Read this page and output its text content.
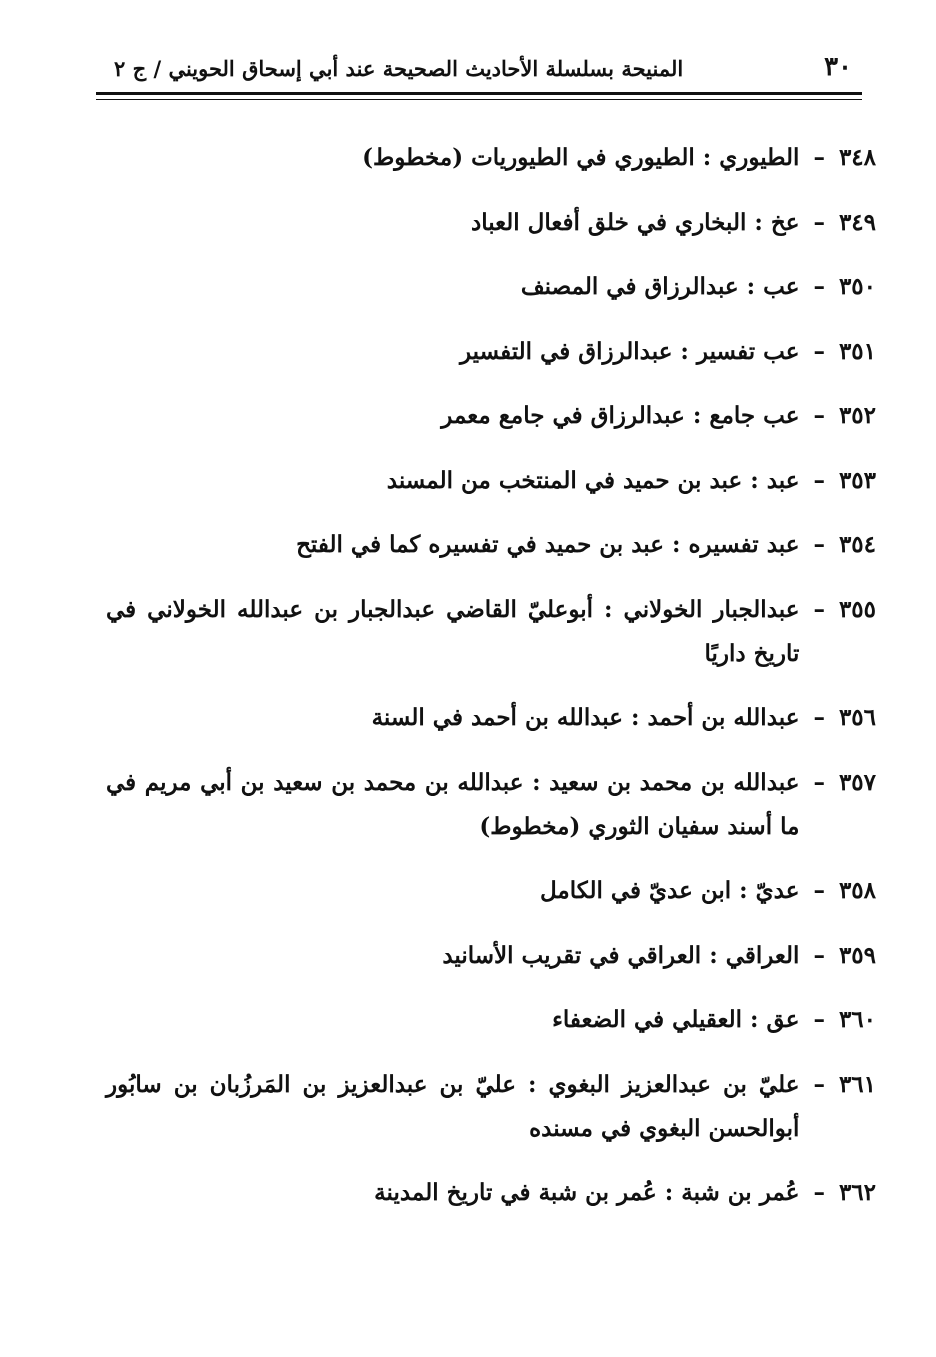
٣٠
المنيحة بسلسلة الأحاديث الصحيحة عند أبي إسحاق الحويني / ج ٢
٣٤٨
–
الطيوري : الطيوري في الطيوريات (مخطوط)
٣٤٩
–
عخ : البخاري في خلق أفعال العباد
٣٥٠
–
عب : عبدالرزاق في المصنف
٣٥١
–
عب تفسير : عبدالرزاق في التفسير
٣٥٢
–
عب جامع : عبدالرزاق في جامع معمر
٣٥٣
–
عبد : عبد بن حميد في المنتخب من المسند
٣٥٤
–
عبد تفسيره : عبد بن حميد في تفسيره كما في الفتح
٣٥٥
–
عبدالجبار الخولاني : أبوعليّ القاضي عبدالجبار بن عبدالله الخولاني في تاريخ داريًا
٣٥٦
–
عبدالله بن أحمد : عبدالله بن أحمد في السنة
٣٥٧
–
عبدالله بن محمد بن سعيد : عبدالله بن محمد بن سعيد بن أبي مريم في ما أسند سفيان الثوري (مخطوط)
٣٥٨
–
عديّ : ابن عديّ في الكامل
٣٥٩
–
العراقي : العراقي في تقريب الأسانيد
٣٦٠
–
عق : العقيلي في الضعفاء
٣٦١
–
عليّ بن عبدالعزيز البغوي : عليّ بن عبدالعزيز بن المَرزُبان بن سابُور أبوالحسن البغوي في مسنده
٣٦٢
–
عُمر بن شبة : عُمر بن شبة في تاريخ المدينة
